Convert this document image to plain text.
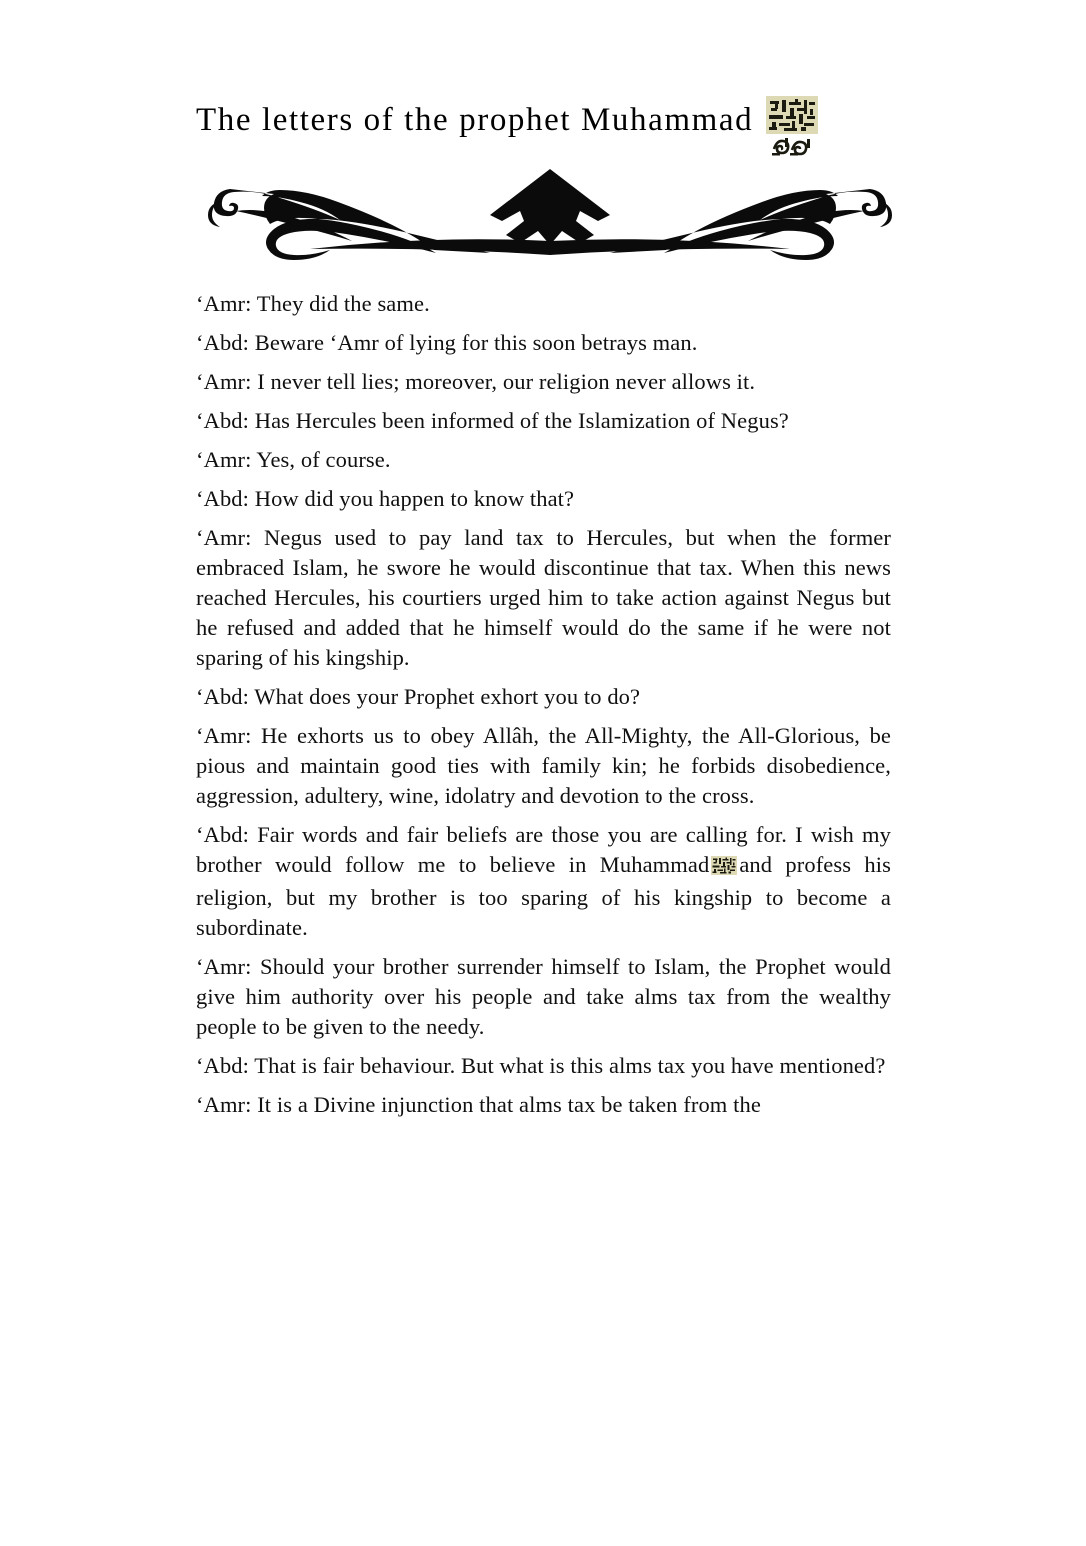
The letters of the prophet Muhammad

‘Amr: They did the same.

‘Abd: Beware ‘Amr of lying for this soon betrays man.

‘Amr: I never tell lies; moreover, our religion never allows it.

‘Abd: Has Hercules been informed of the Islamization of Negus?

‘Amr: Yes, of course.

‘Abd: How did you happen to know that?

‘Amr: Negus used to pay land tax to Hercules, but when the former embraced Islam, he swore he would discontinue that tax. When this news reached Hercules, his courtiers urged him to take action against Negus but he refused and added that he himself would do the same if he were not sparing of his kingship.

‘Abd: What does your Prophet exhort you to do?

‘Amr: He exhorts us to obey Allâh, the All-Mighty, the All-Glorious, be pious and maintain good ties with family kin; he forbids disobedience, aggression, adultery, wine, idolatry and devotion to the cross.

‘Abd: Fair words and fair beliefs are those you are calling for. I wish my brother would follow me to believe in Muhammad and profess his religion, but my brother is too sparing of his kingship to become a subordinate.

‘Amr: Should your brother surrender himself to Islam, the Prophet would give him authority over his people and take alms tax from the wealthy people to be given to the needy.

‘Abd: That is fair behaviour. But what is this alms tax you have mentioned?

‘Amr: It is a Divine injunction that alms tax be taken from the
